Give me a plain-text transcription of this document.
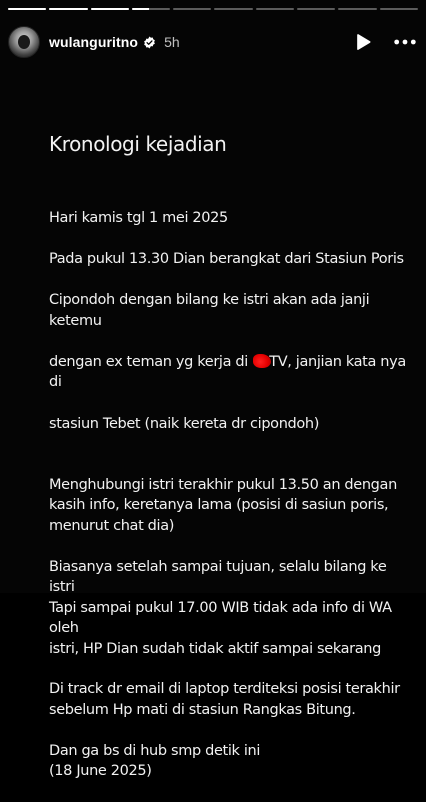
wulanguritno 5h
Kronologi kejadian

Hari kamis tgl 1 mei 2025

Pada pukul 13.30 Dian berangkat dari Stasiun Poris

Cipondoh dengan bilang ke istri akan ada janji ketemu

dengan ex teman yg kerja di TV, janjian kata nya di

stasiun Tebet (naik kereta dr cipondoh)

Menghubungi istri terakhir pukul 13.50 an dengan
kasih info, keretanya lama (posisi di sasiun poris,
menurut chat dia)
Biasanya setelah sampai tujuan, selalu bilang ke istri
Tapi sampai pukul 17.00 WIB tidak ada info di WA oleh
istri, HP Dian sudah tidak aktif sampai sekarang
Di track dr email di laptop terditeksi posisi terakhir
sebelum Hp mati di stasiun Rangkas Bitung.
Dan ga bs di hub smp detik ini
(18 June 2025)
